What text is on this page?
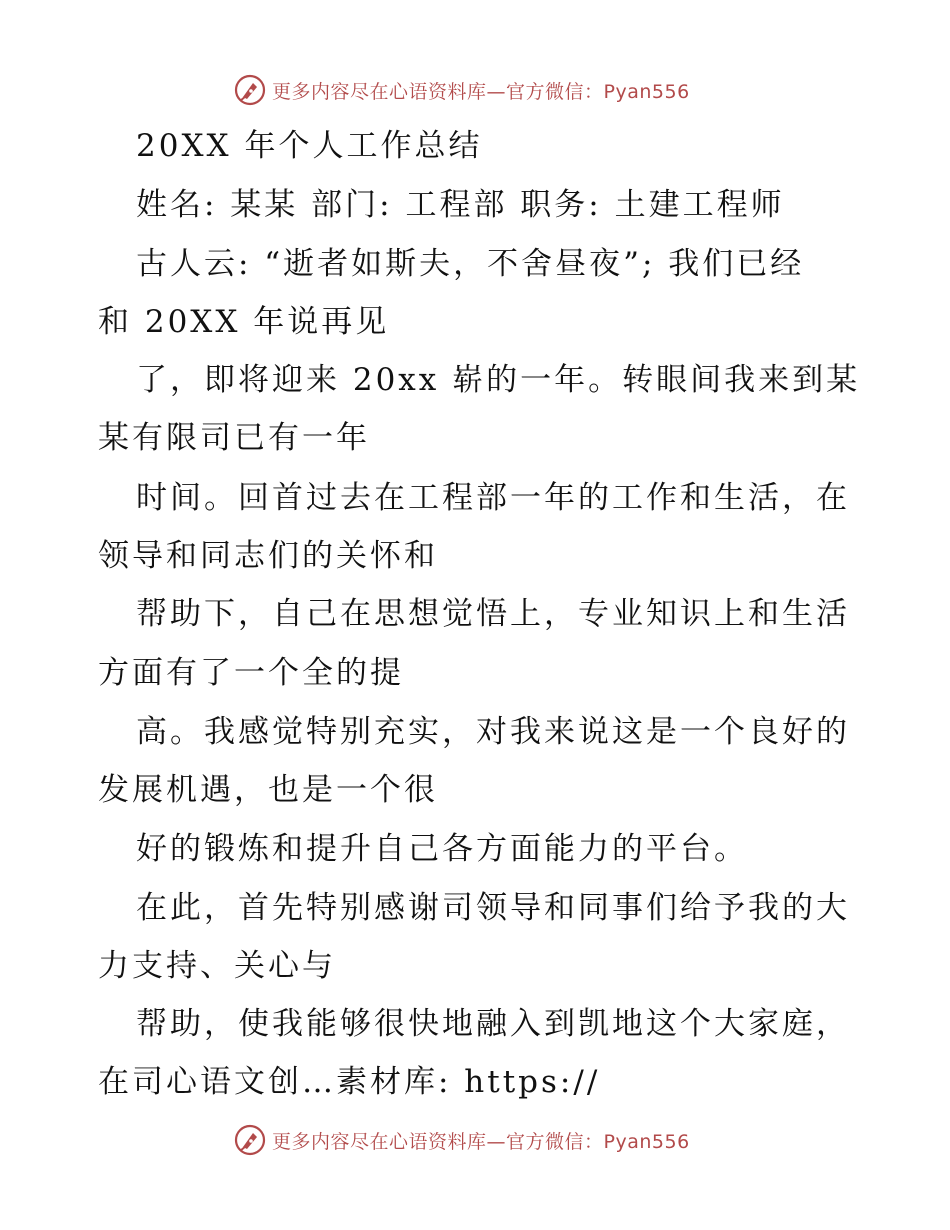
更多内容尽在心语资料库—官方微信：Pyan556
20XX 年个人工作总结
姓名: 某某 部门: 工程部 职务: 土建工程师
古人云: “逝者如斯夫，不舍昼夜”; 我们已经
和 20XX 年说再见
了，即将迎来 20xx 崭的一年。转眼间我来到某
某有限司已有一年
时间。回首过去在工程部一年的工作和生活，在
领导和同志们的关怀和
帮助下，自己在思想觉悟上，专业知识上和生活
方面有了一个全的提
高。我感觉特别充实，对我来说这是一个良好的
发展机遇，也是一个很
好的锻炼和提升自己各方面能力的平台。
在此，首先特别感谢司领导和同事们给予我的大
力支持、关心与
帮助，使我能够很快地融入到凯地这个大家庭，
在司心语文创…素材库: https://
更多内容尽在心语资料库—官方微信：Pyan556
